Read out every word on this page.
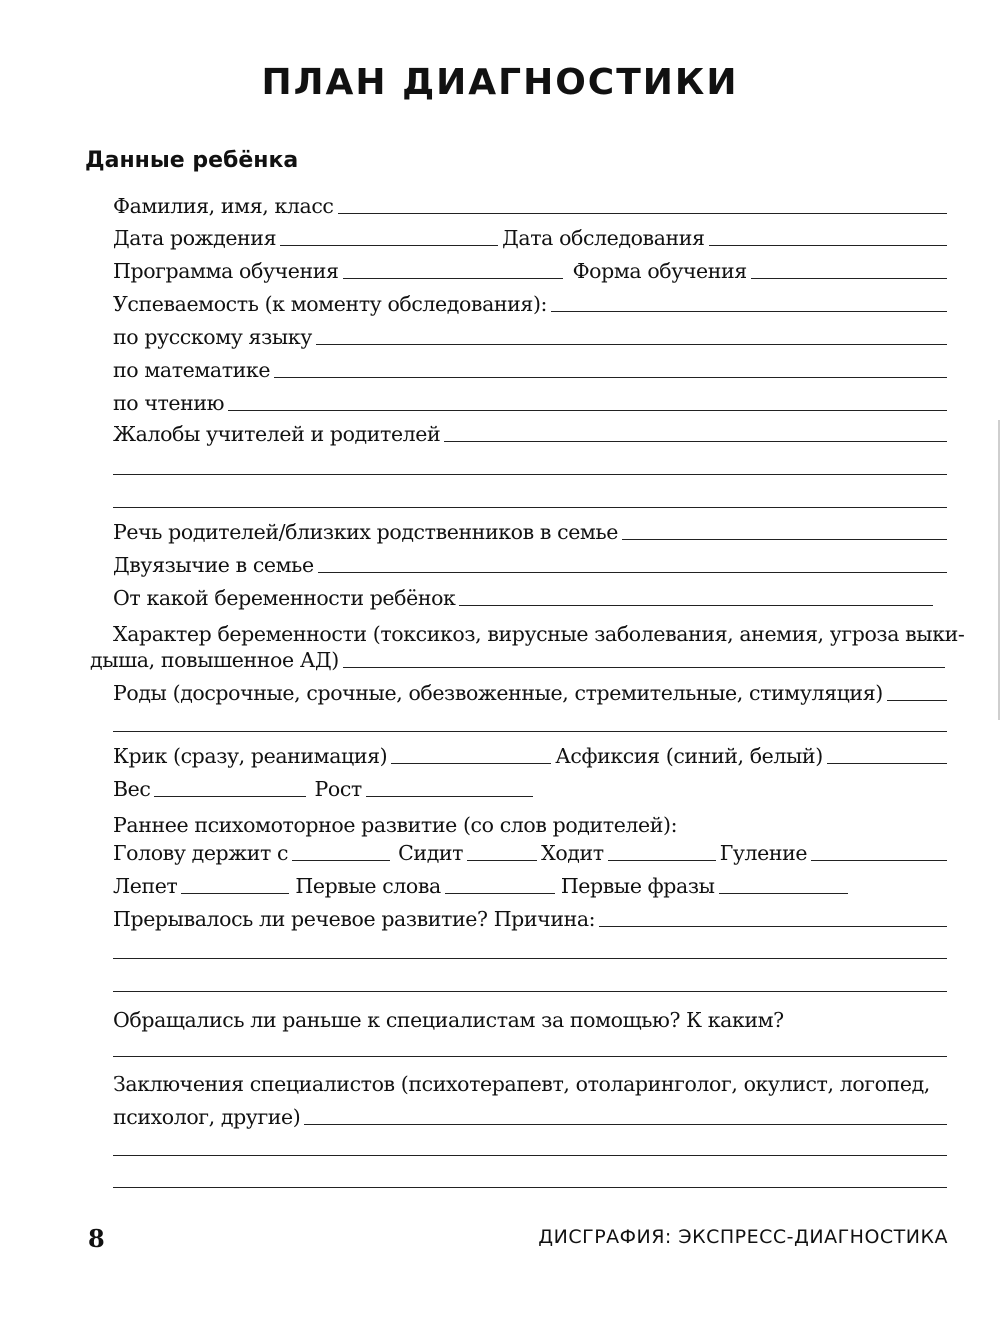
ПЛАН ДИАГНОСТИКИ
Данные ребёнка
Фамилия, имя, класс
Дата рождения	Дата обследования
Программа обучения	Форма обучения
Успеваемость (к моменту обследования):
по русскому языку
по математике
по чтению
Жалобы учителей и родителей
Речь родителей/близких родственников в семье
Двуязычие в семье
От какой беременности ребёнок
Характер беременности (токсикоз, вирусные заболевания, анемия, угроза выки-
дыша, повышенное АД)
Роды (досрочные, срочные, обезвоженные, стремительные, стимуляция)
Крик (сразу, реанимация)	Асфиксия (синий, белый)
Вес	Рост
Раннее психомоторное развитие (со слов родителей):
Голову держит с	Сидит	Ходит	Гуление
Лепет	Первые слова	Первые фразы
Прерывалось ли речевое развитие? Причина:
Обращались ли раньше к специалистам за помощью? К каким?
Заключения специалистов (психотерапевт, отоларинголог, окулист, логопед,
психолог, другие)
8	ДИСГРАФИЯ: ЭКСПРЕСС-ДИАГНОСТИКА
